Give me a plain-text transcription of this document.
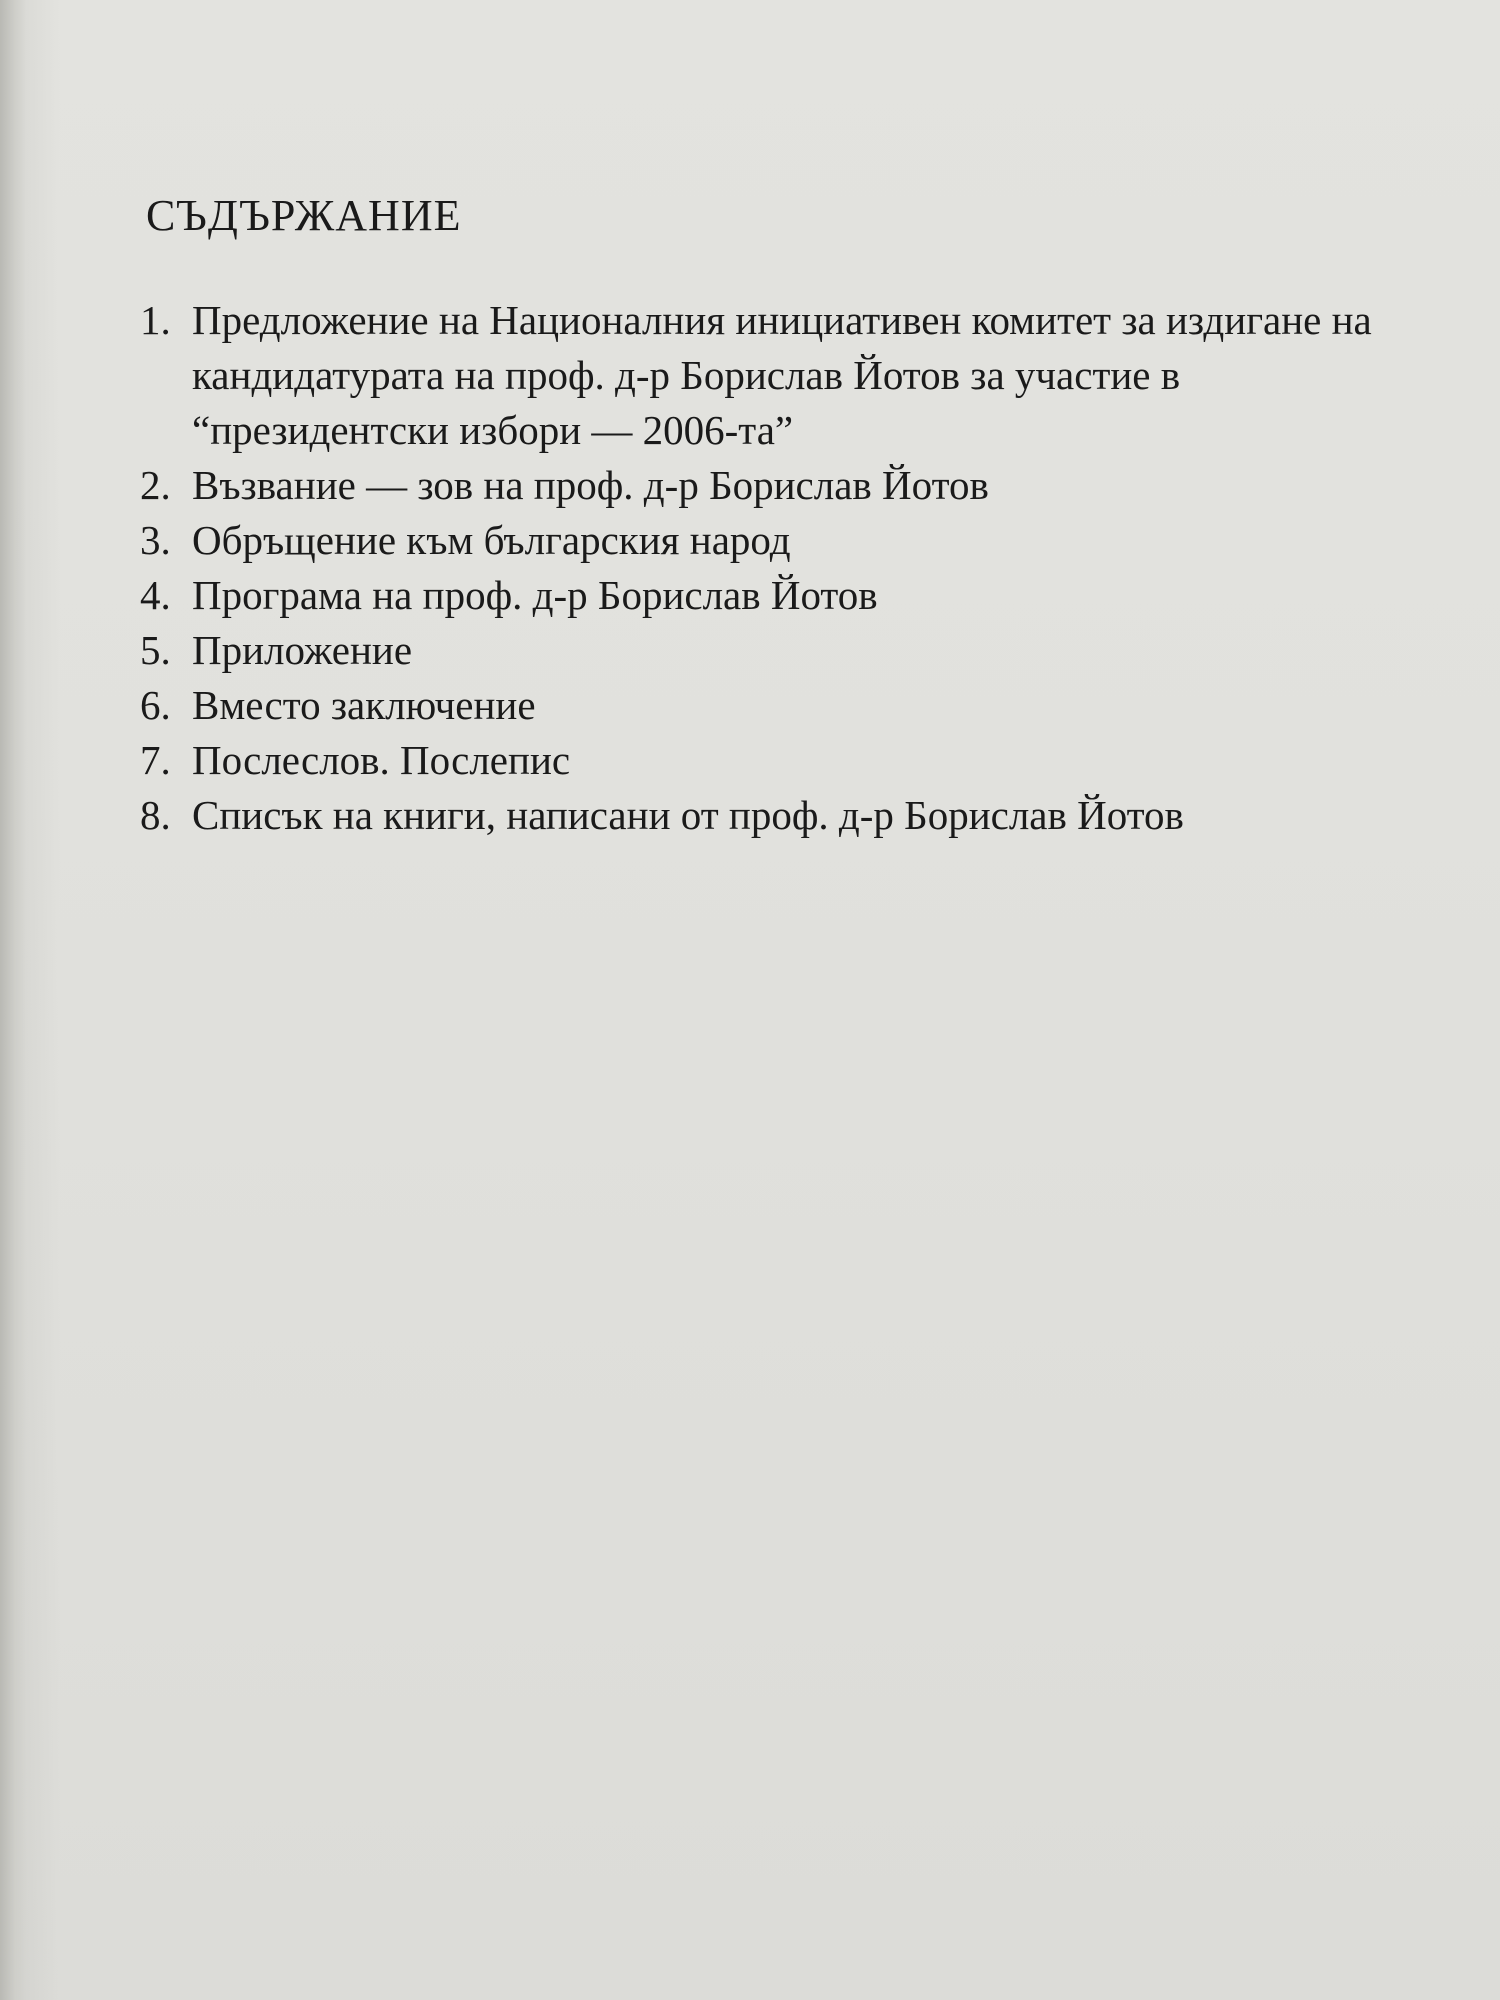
СЪДЪРЖАНИЕ
1. Предложение на Националния инициативен комитет за издигане на кандидатурата на проф. д-р Борислав Йотов за участие в “президентски избори — 2006-та”
2. Възвание — зов на проф. д-р Борислав Йотов
3. Обръщение към българския народ
4. Програма на проф. д-р Борислав Йотов
5. Приложение
6. Вместо заключение
7. Послеслов. Послепис
8. Списък на книги, написани от проф. д-р Борислав Йотов
